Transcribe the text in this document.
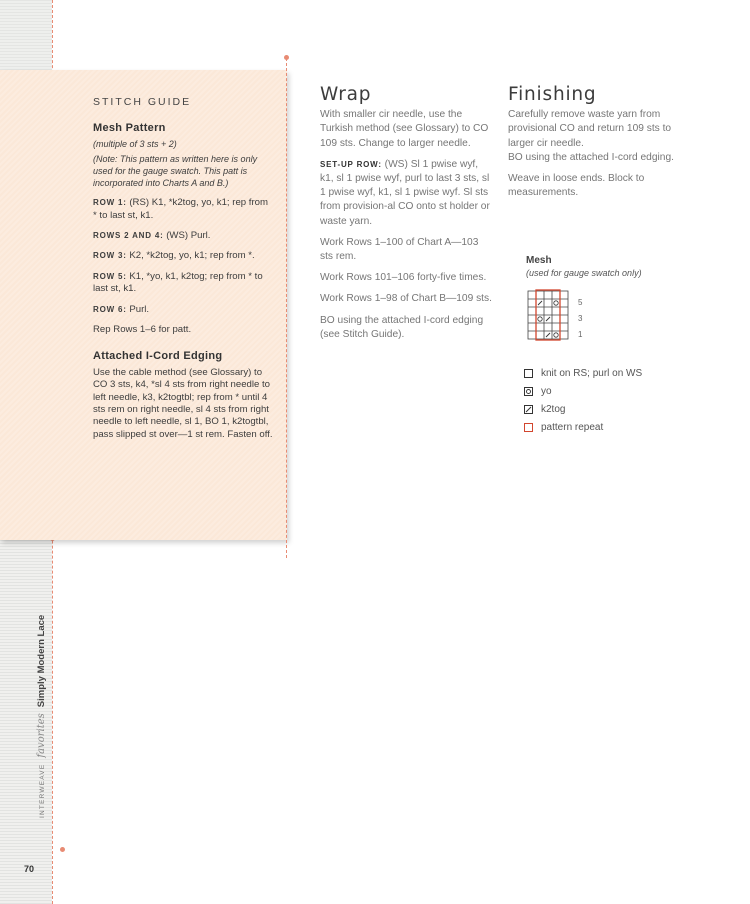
INTERWEAVE
favorites
Simply Modern Lace
70
STITCH GUIDE
Mesh Pattern
(multiple of 3 sts + 2)
(Note: This pattern as written here is only used for the gauge swatch. This patt is incorporated into Charts A and B.)

ROW 1: (RS) K1, *k2tog, yo, k1; rep from * to last st, k1.

ROWS 2 AND 4: (WS) Purl.

ROW 3: K2, *k2tog, yo, k1; rep from *.

ROW 5: K1, *yo, k1, k2tog; rep from * to last st, k1.

ROW 6: Purl.

Rep Rows 1–6 for patt.

Attached I-Cord Edging

Use the cable method (see Glossary) to CO 3 sts, k4, *sl 4 sts from right needle to left needle, k3, k2togtbl; rep from * until 4 sts rem on right needle, sl 4 sts from right needle to left needle, sl 1, BO 1, k2togtbl, pass slipped st over—1 st rem. Fasten off.

Wrap

With smaller cir needle, use the Turkish method (see Glossary) to CO 109 sts. Change to larger needle.

SET-UP ROW: (WS) Sl 1 pwise wyf, k1, sl 1 pwise wyf, purl to last 3 sts, sl 1 pwise wyf, k1, sl 1 pwise wyf. Sl sts from provision-al CO onto st holder or waste yarn.

Work Rows 1–100 of Chart A—103 sts rem.

Work Rows 101–106 forty-five times.

Work Rows 1–98 of Chart B—109 sts.

BO using the attached I-cord edging (see Stitch Guide).

Finishing

Carefully remove waste yarn from provisional CO and return 109 sts to larger cir needle.

BO using the attached I-cord edging.

Weave in loose ends. Block to measurements.

Mesh
(used for gauge swatch only)
5
3
1
knit on RS; purl on WS
yo
k2tog
pattern repeat
